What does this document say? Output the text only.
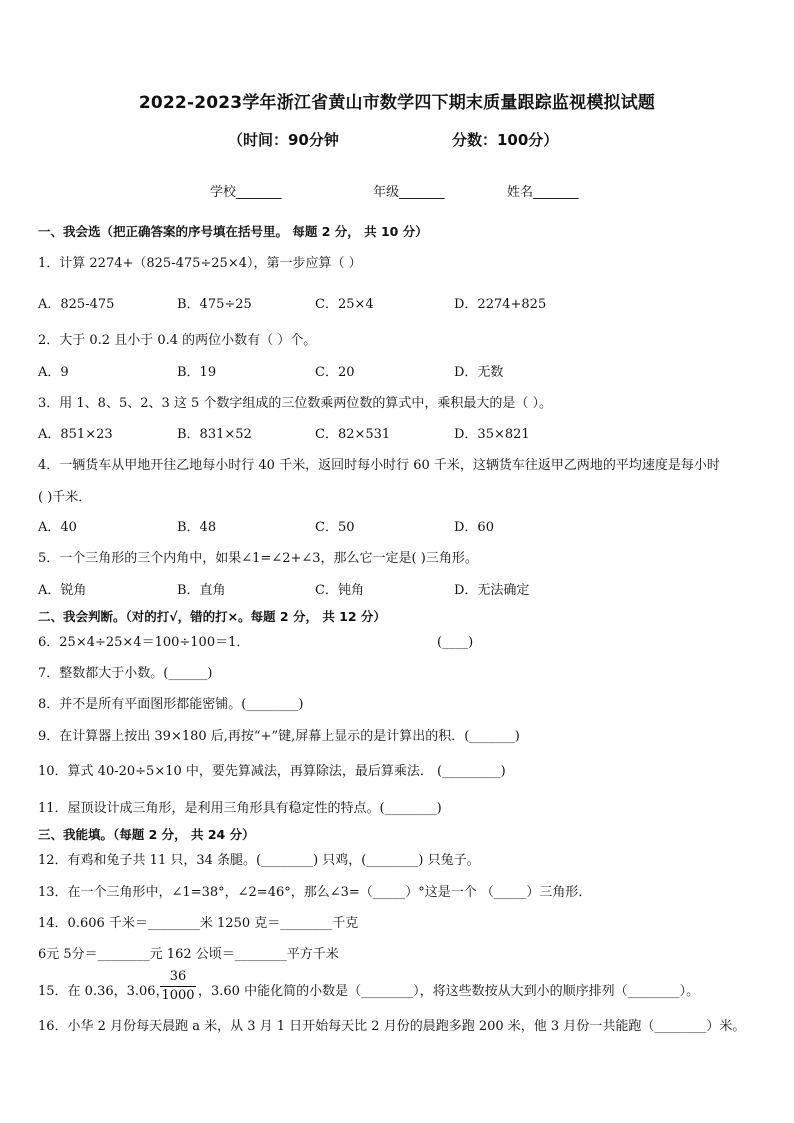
2022-2023学年浙江省黄山市数学四下期末质量跟踪监视模拟试题
（时间：90分钟	分数：100分）
学校_______	年级_______	姓名_______
一、我会选（把正确答案的序号填在括号里。 每题 2 分， 共 10 分）
1．计算 2274+（825-475÷25×4），第一步应算（ ）
A．825-475	B．475÷25	C．25×4	D．2274+825
2．大于 0.2 且小于 0.4 的两位小数有（ ）个。
A．9	B．19	C．20	D．无数
3．用 1、8、5、2、3 这 5 个数字组成的三位数乘两位数的算式中，乘积最大的是（ ）。
A．851×23	B．831×52	C．82×531	D．35×821
4．一辆货车从甲地开往乙地每小时行 40 千米，返回时每小时行 60 千米，这辆货车往返甲乙两地的平均速度是每小时
( )千米．
A．40	B．48	C．50	D．60
5．一个三角形的三个内角中，如果∠1=∠2+∠3，那么它一定是( )三角形。
A．锐角	B．直角	C．钝角	D．无法确定
二、我会判断。（对的打√，错的打×。每题 2 分， 共 12 分）
6．25×4÷25×4＝100÷100＝1．	(____)
7．整数都大于小数。(______)
8．并不是所有平面图形都能密铺。(________)
9．在计算器上按出 39×180 后,再按“+”键,屏幕上显示的是计算出的积．(_______)
10．算式 40-20÷5×10 中，要先算减法，再算除法，最后算乘法． (_________)
11．屋顶设计成三角形，是利用三角形具有稳定性的特点。(________)
三、我能填。（每题 2 分， 共 24 分）
12．有鸡和兔子共 11 只，34 条腿。(________) 只鸡，(________) 只兔子。
13．在一个三角形中，∠1=38°，∠2=46°，那么∠3=（_____）°这是一个 （_____）三角形．
14．0.606 千米＝________米 1250 克＝________千克
6元 5分＝________元 162 公顷＝________平方千米
15．在 0.36，3.06，
36
1000 ，3.60 中能化简的小数是（________），将这些数按从大到小的顺序排列（________）。
16．小华 2 月份每天晨跑 a 米，从 3 月 1 日开始每天比 2 月份的晨跑多跑 200 米，他 3 月份一共能跑（________）米。
